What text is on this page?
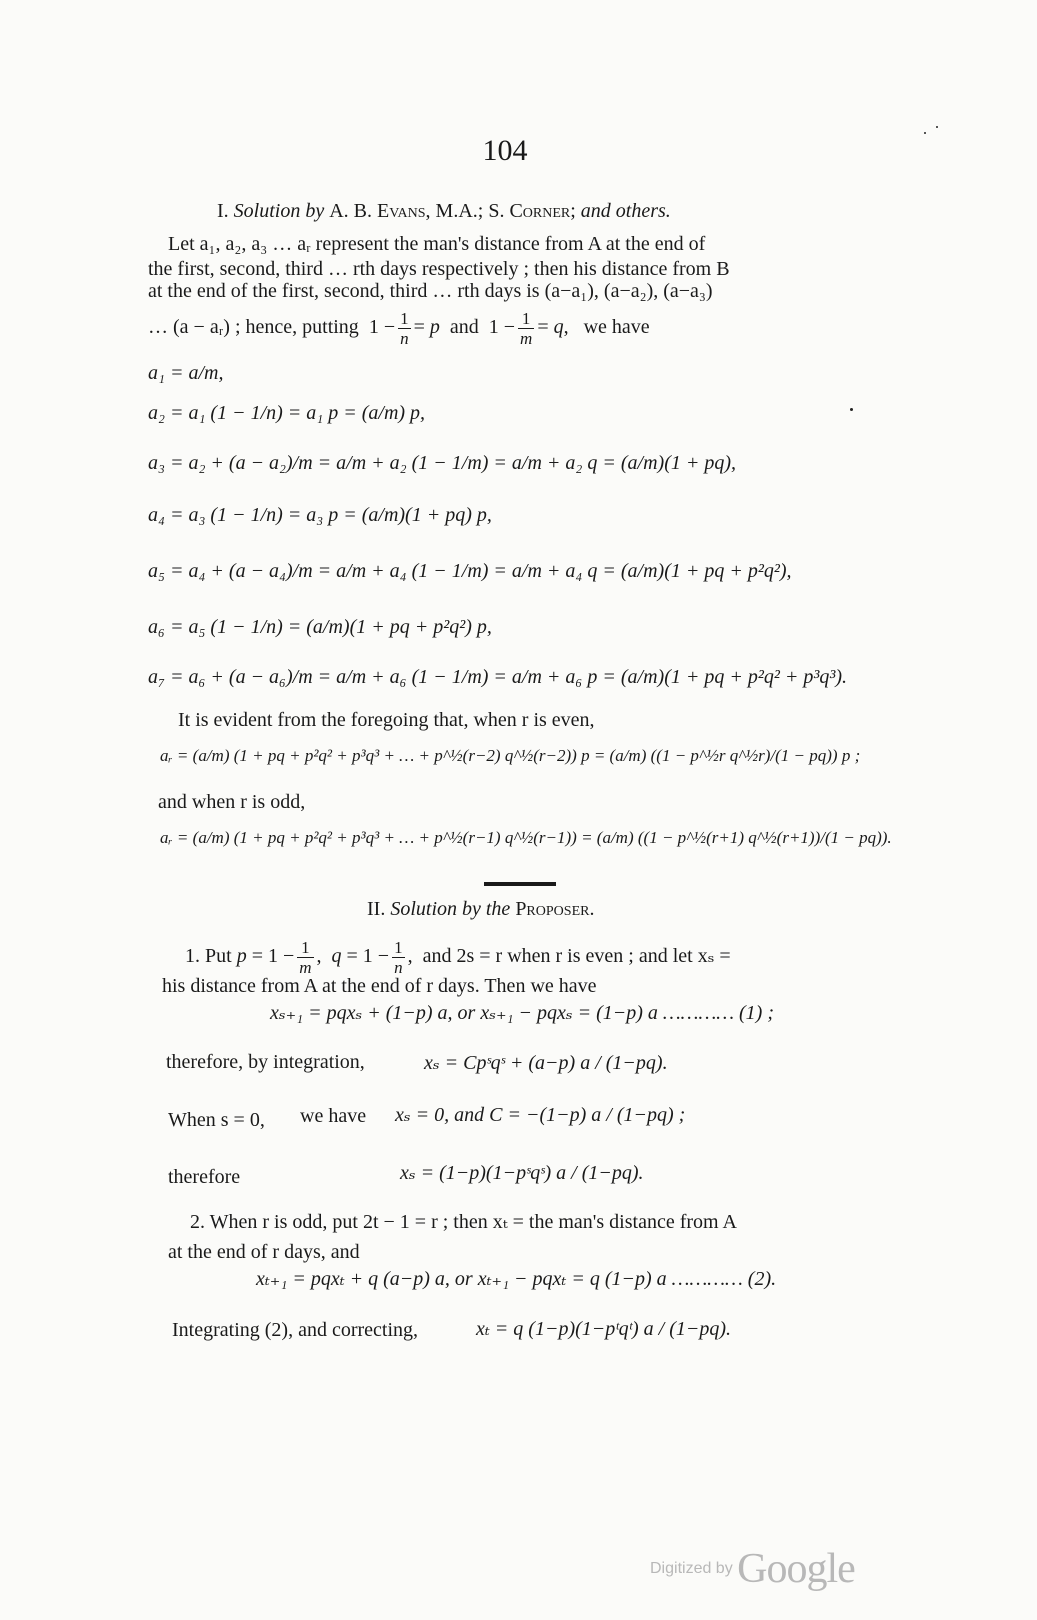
104
I. Solution by A. B. Evans, M.A.; S. Corner; and others.
Let a₁, a₂, a₃ … aᵣ represent the man's distance from A at the end of
the first, second, third … rth days respectively ; then his distance from B
at the end of the first, second, third … rth days is (a−a₁), (a−a₂), (a−a₃)
… (a − aᵣ) ; hence, putting  $1 - \frac{1}{n} = p$  and  $1 - \frac{1}{m} = q$,   we have
a₁ = a/m,
a₂ = a₁ (1 − 1/n) = a₁ p = (a/m) p,
a₃ = a₂ + (a − a₂)/m = a/m + a₂ (1 − 1/m) = a/m + a₂ q = (a/m)(1 + pq),
a₄ = a₃ (1 − 1/n) = a₃ p = (a/m)(1 + pq) p,
a₅ = a₄ + (a − a₄)/m = a/m + a₄ (1 − 1/m) = a/m + a₄ q = (a/m)(1 + pq + p²q²),
a₆ = a₅ (1 − 1/n) = (a/m)(1 + pq + p²q²) p,
a₇ = a₆ + (a − a₆)/m = a/m + a₆ (1 − 1/m) = a/m + a₆ p = (a/m)(1 + pq + p²q² + p³q³).
It is evident from the foregoing that, when r is even,
aᵣ = (a/m) (1 + pq + p²q² + p³q³ + … + p^½(r−2) q^½(r−2)) p = (a/m) ((1 − p^½r q^½r)/(1 − pq)) p ;
and when r is odd,
aᵣ = (a/m) (1 + pq + p²q² + p³q³ + … + p^½(r−1) q^½(r−1)) = (a/m) ((1 − p^½(r+1) q^½(r+1))/(1 − pq)).
II. Solution by the Proposer.
1. Put $p = 1 - \frac{1}{m}$ ,  $q = 1 - \frac{1}{n}$ ,  and 2s = r when r is even ; and let xₛ =
his distance from A at the end of r days. Then we have
xₛ₊₁ = pqxₛ + (1−p) a, or xₛ₊₁ − pqxₛ = (1−p) a ………… (1) ;
therefore, by integration,	xₛ = Cpˢqˢ + (a−p) a / (1−pq).
When s = 0, we have xₛ = 0, and C = −(1−p) a / (1−pq) ;
therefore	xₛ = (1−p)(1−pˢqˢ) a / (1−pq).
2. When r is odd, put 2t − 1 = r ; then xₜ = the man's distance from A
at the end of r days, and
xₜ₊₁ = pqxₜ + q (a−p) a, or xₜ₊₁ − pqxₜ = q (1−p) a ………… (2).
Integrating (2), and correcting,	xₜ = q (1−p)(1−pᵗqᵗ) a / (1−pq).
Digitized by Google
